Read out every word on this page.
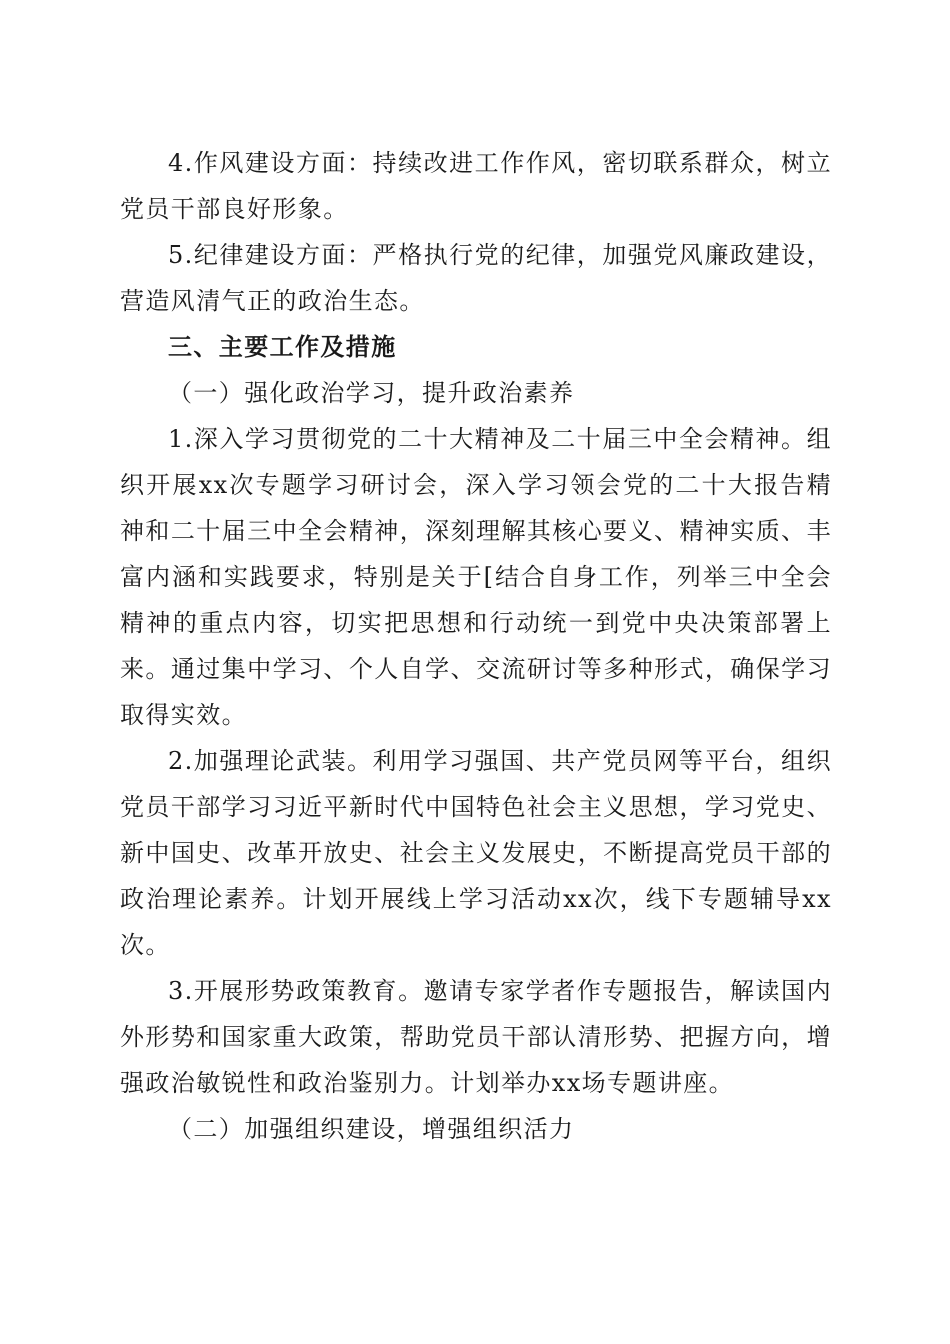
4.作风建设方面：持续改进工作作风，密切联系群众，树立党员干部良好形象。

5.纪律建设方面：严格执行党的纪律，加强党风廉政建设，营造风清气正的政治生态。

三、主要工作及措施

（一）强化政治学习，提升政治素养

1.深入学习贯彻党的二十大精神及二十届三中全会精神。组织开展xx次专题学习研讨会，深入学习领会党的二十大报告精神和二十届三中全会精神，深刻理解其核心要义、精神实质、丰富内涵和实践要求，特别是关于[结合自身工作，列举三中全会精神的重点内容，切实把思想和行动统一到党中央决策部署上来。通过集中学习、个人自学、交流研讨等多种形式，确保学习取得实效。

2.加强理论武装。利用学习强国、共产党员网等平台，组织党员干部学习习近平新时代中国特色社会主义思想，学习党史、新中国史、改革开放史、社会主义发展史，不断提高党员干部的政治理论素养。计划开展线上学习活动xx次，线下专题辅导xx次。

3.开展形势政策教育。邀请专家学者作专题报告，解读国内外形势和国家重大政策，帮助党员干部认清形势、把握方向，增强政治敏锐性和政治鉴别力。计划举办xx场专题讲座。

（二）加强组织建设，增强组织活力
